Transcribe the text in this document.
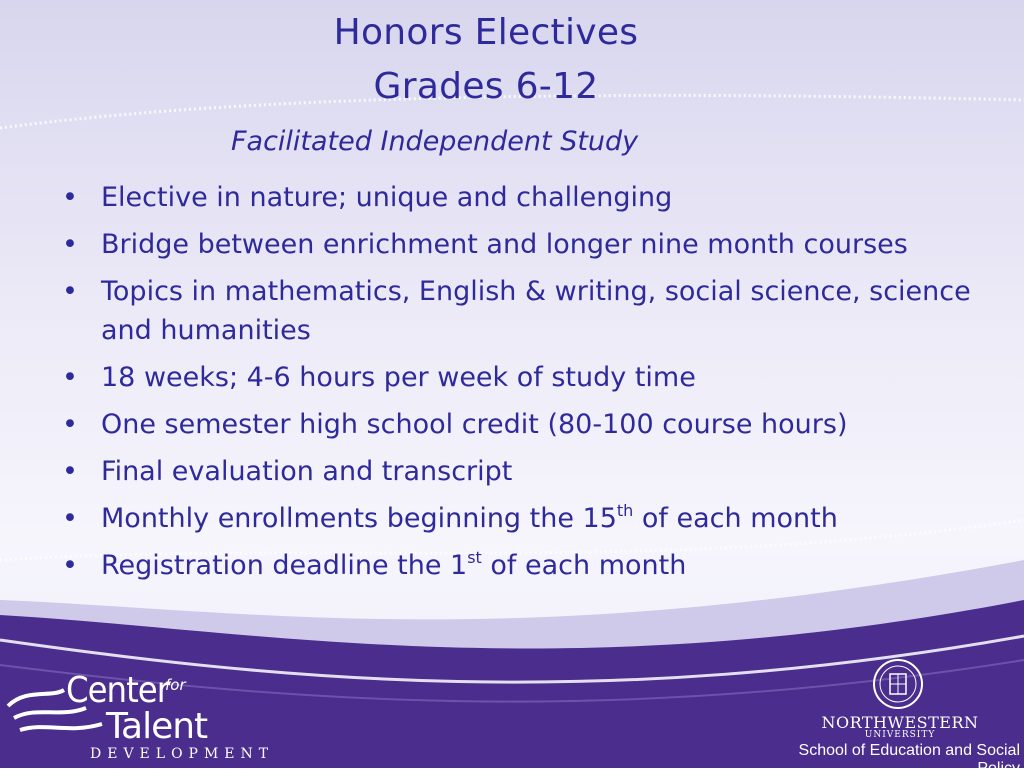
Honors Electives
Grades 6-12

Facilitated Independent Study

• Elective in nature; unique and challenging
• Bridge between enrichment and longer nine month courses
• Topics in mathematics, English & writing, social science, science and humanities
• 18 weeks; 4-6 hours per week of study time
• One semester high school credit (80-100 course hours)
• Final evaluation and transcript
• Monthly enrollments beginning the 15th of each month
• Registration deadline the 1st of each month
Center
for
Talent
DEVELOPMENT

NORTHWESTERN

UNIVERSITY

School of Education and Social Policy
